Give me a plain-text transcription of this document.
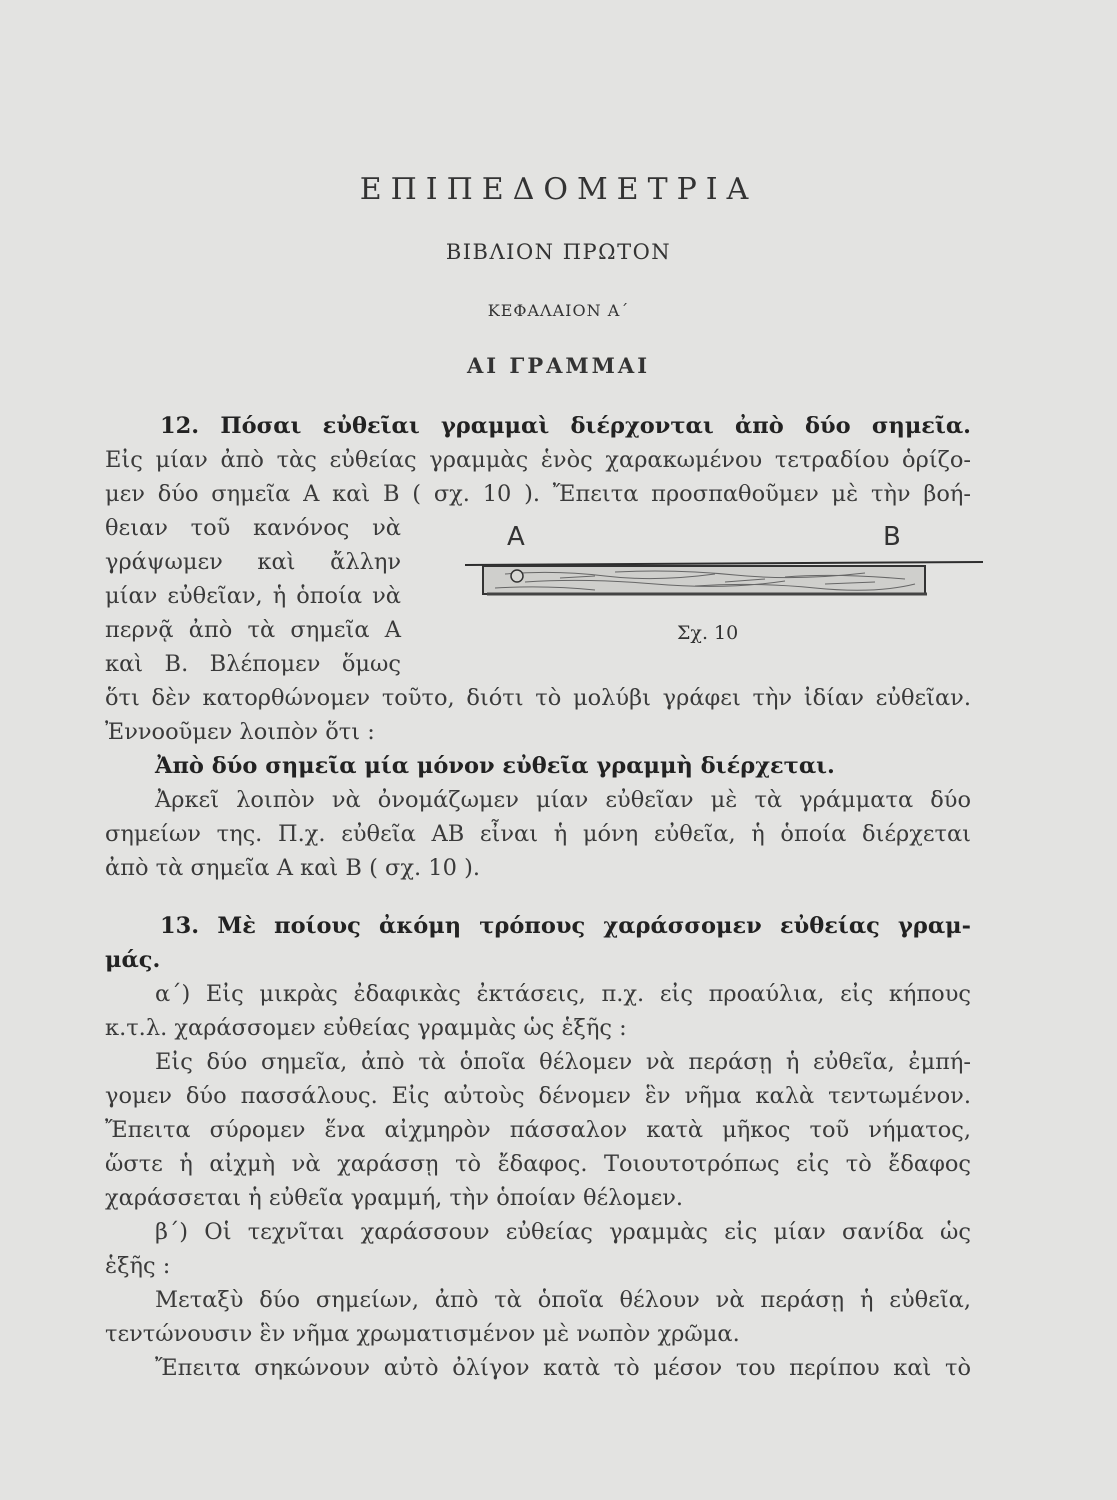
ΕΠΙΠΕΔΟΜΕΤΡΙΑ
ΒΙΒΛΙΟΝ ΠΡΩΤΟΝ
ΚΕΦΑΛΑΙΟΝ Α΄
ΑΙ ΓΡΑΜΜΑΙ
12. Πόσαι εὐθεῖαι γραμμαὶ διέρχονται ἀπὸ δύο σημεῖα.
Εἰς μίαν ἀπὸ τὰς εὐθείας γραμμὰς ἑνὸς χαρακωμένου τετραδίου ὁρίζο-
μεν δύο σημεῖα Α καὶ Β ( σχ. 10 ). Ἔπειτα προσπαθοῦμεν μὲ τὴν βοή-
θειαν τοῦ κανόνος νὰ
γράψωμεν καὶ ἄλλην
μίαν εὐθεῖαν, ἡ ὁποία νὰ
περνᾷ ἀπὸ τὰ σημεῖα Α
καὶ Β. Βλέπομεν ὅμως
ὅτι δὲν κατορθώνομεν τοῦτο, διότι τὸ μολύβι γράφει τὴν ἰδίαν εὐθεῖαν.
Ἐννοοῦμεν λοιπὸν ὅτι :
Ἀπὸ δύο σημεῖα μία μόνον εὐθεῖα γραμμὴ διέρχεται.
Ἀρκεῖ λοιπὸν νὰ ὀνομάζωμεν μίαν εὐθεῖαν μὲ τὰ γράμματα δύο
σημείων της. Π.χ. εὐθεῖα ΑΒ εἶναι ἡ μόνη εὐθεῖα, ἡ ὁποία διέρχεται
ἀπὸ τὰ σημεῖα Α καὶ Β ( σχ. 10 ).
13. Μὲ ποίους ἀκόμη τρόπους χαράσσομεν εὐθείας γραμ-
μάς.
α΄) Εἰς μικρὰς ἐδαφικὰς ἐκτάσεις, π.χ. εἰς προαύλια, εἰς κήπους
κ.τ.λ. χαράσσομεν εὐθείας γραμμὰς ὡς ἑξῆς :
Εἰς δύο σημεῖα, ἀπὸ τὰ ὁποῖα θέλομεν νὰ περάσῃ ἡ εὐθεῖα, ἐμπή-
γομεν δύο πασσάλους. Εἰς αὐτοὺς δένομεν ἓν νῆμα καλὰ τεντωμένον.
Ἔπειτα σύρομεν ἕνα αἰχμηρὸν πάσσαλον κατὰ μῆκος τοῦ νήματος,
ὥστε ἡ αἰχμὴ νὰ χαράσσῃ τὸ ἔδαφος. Τοιουτοτρόπως εἰς τὸ ἔδαφος
χαράσσεται ἡ εὐθεῖα γραμμή, τὴν ὁποίαν θέλομεν.
β΄) Οἱ τεχνῖται χαράσσουν εὐθείας γραμμὰς εἰς μίαν σανίδα ὡς
ἑξῆς :
Μεταξὺ δύο σημείων, ἀπὸ τὰ ὁποῖα θέλουν νὰ περάσῃ ἡ εὐθεῖα,
τεντώνουσιν ἓν νῆμα χρωματισμένον μὲ νωπὸν χρῶμα.
Ἔπειτα σηκώνουν αὐτὸ ὀλίγον κατὰ τὸ μέσον του περίπου καὶ τὸ
A	B
Σχ. 10
